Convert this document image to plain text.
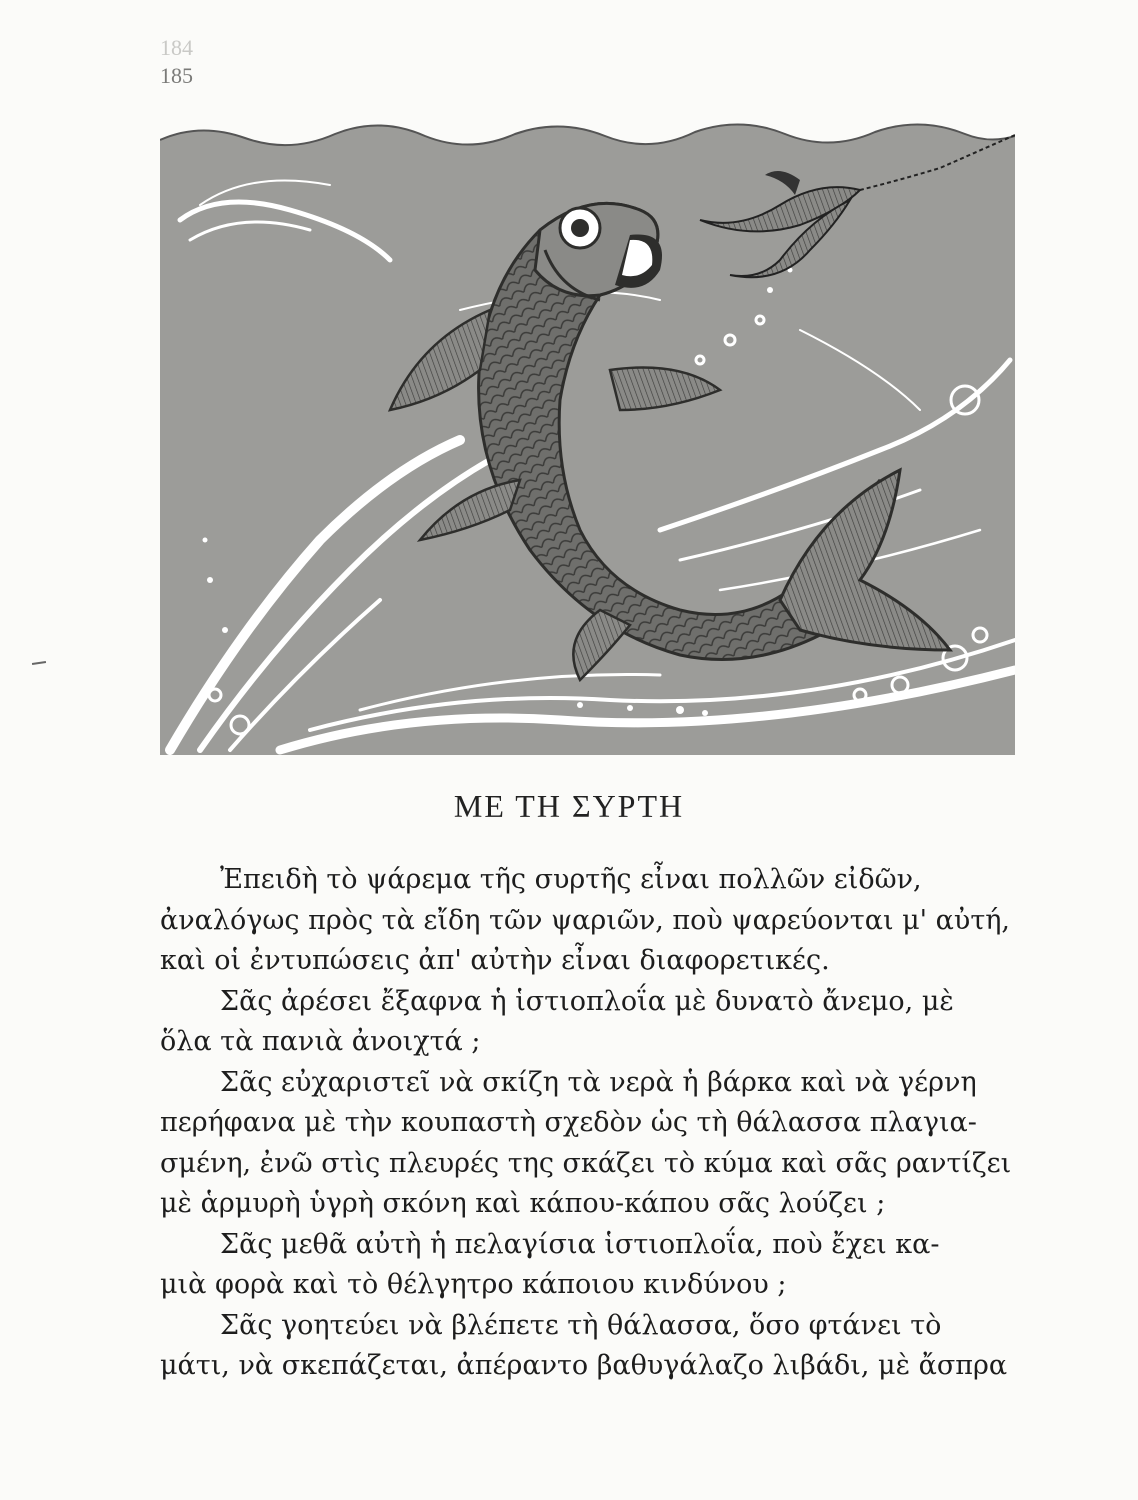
184
185
ΜΕ ΤΗ ΣΥΡΤΗ

Ἐπειδὴ τὸ ψάρεμα τῆς συρτῆς εἶναι πολλῶν εἰδῶν,
ἀναλόγως πρὸς τὰ εἴδη τῶν ψαριῶν, ποὺ ψαρεύονται μ' αὐτή,
καὶ οἱ ἐντυπώσεις ἀπ' αὐτὴν εἶναι διαφορετικές.

Σᾶς ἀρέσει ἔξαφνα ἡ ἱστιοπλοΐα μὲ δυνατὸ ἄνεμο, μὲ
ὅλα τὰ πανιὰ ἀνοιχτά ;

Σᾶς εὐχαριστεῖ νὰ σκίζη τὰ νερὰ ἡ βάρκα καὶ νὰ γέρνη
περήφανα μὲ τὴν κουπαστὴ σχεδὸν ὡς τὴ θάλασσα πλαγια-
σμένη, ἐνῶ στὶς πλευρές της σκάζει τὸ κύμα καὶ σᾶς ραντίζει
μὲ ἁρμυρὴ ὑγρὴ σκόνη καὶ κάπου-κάπου σᾶς λούζει ;

Σᾶς μεθᾶ αὐτὴ ἡ πελαγίσια ἱστιοπλοΐα, ποὺ ἔχει κα-
μιὰ φορὰ καὶ τὸ θέλγητρο κάποιου κινδύνου ;

Σᾶς γοητεύει νὰ βλέπετε τὴ θάλασσα, ὅσο φτάνει τὸ
μάτι, νὰ σκεπάζεται, ἀπέραντο βαθυγάλαζο λιβάδι, μὲ ἄσπρα
